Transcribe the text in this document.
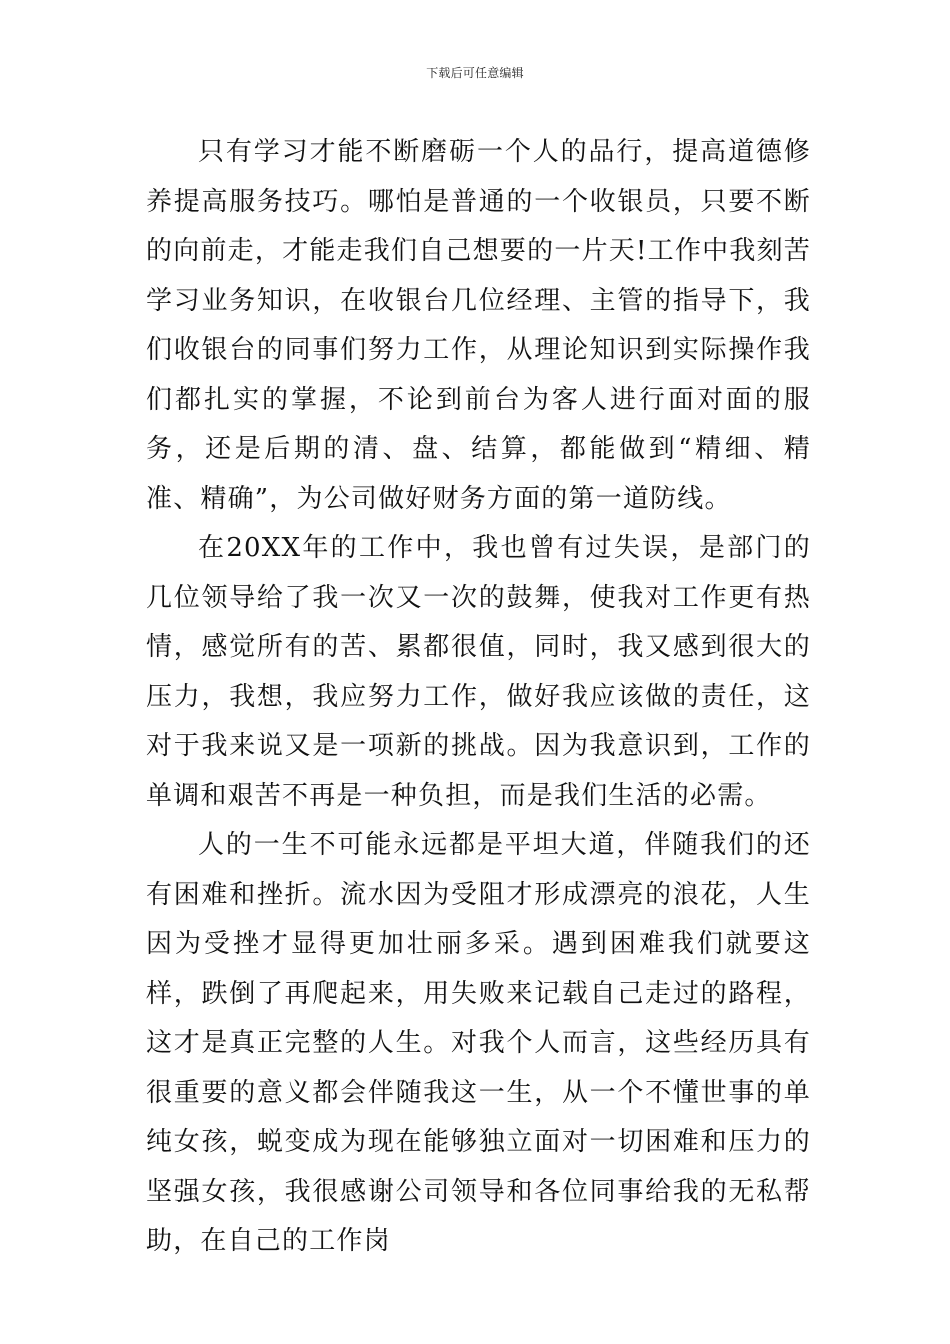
下载后可任意编辑

只有学习才能不断磨砺一个人的品行，提高道德修养提高服务技巧。哪怕是普通的一个收银员，只要不断的向前走，才能走我们自己想要的一片天!工作中我刻苦学习业务知识，在收银台几位经理、主管的指导下，我们收银台的同事们努力工作，从理论知识到实际操作我们都扎实的掌握，不论到前台为客人进行面对面的服务，还是后期的清、盘、结算，都能做到“精细、精准、精确”，为公司做好财务方面的第一道防线。

在20XX年的工作中，我也曾有过失误，是部门的几位领导给了我一次又一次的鼓舞，使我对工作更有热情，感觉所有的苦、累都很值，同时，我又感到很大的压力，我想，我应努力工作，做好我应该做的责任，这对于我来说又是一项新的挑战。因为我意识到，工作的单调和艰苦不再是一种负担，而是我们生活的必需。

人的一生不可能永远都是平坦大道，伴随我们的还有困难和挫折。流水因为受阻才形成漂亮的浪花，人生因为受挫才显得更加壮丽多采。遇到困难我们就要这样，跌倒了再爬起来，用失败来记载自己走过的路程，这才是真正完整的人生。对我个人而言，这些经历具有很重要的意义都会伴随我这一生，从一个不懂世事的单纯女孩，蜕变成为现在能够独立面对一切困难和压力的坚强女孩，我很感谢公司领导和各位同事给我的无私帮助，在自己的工作岗
